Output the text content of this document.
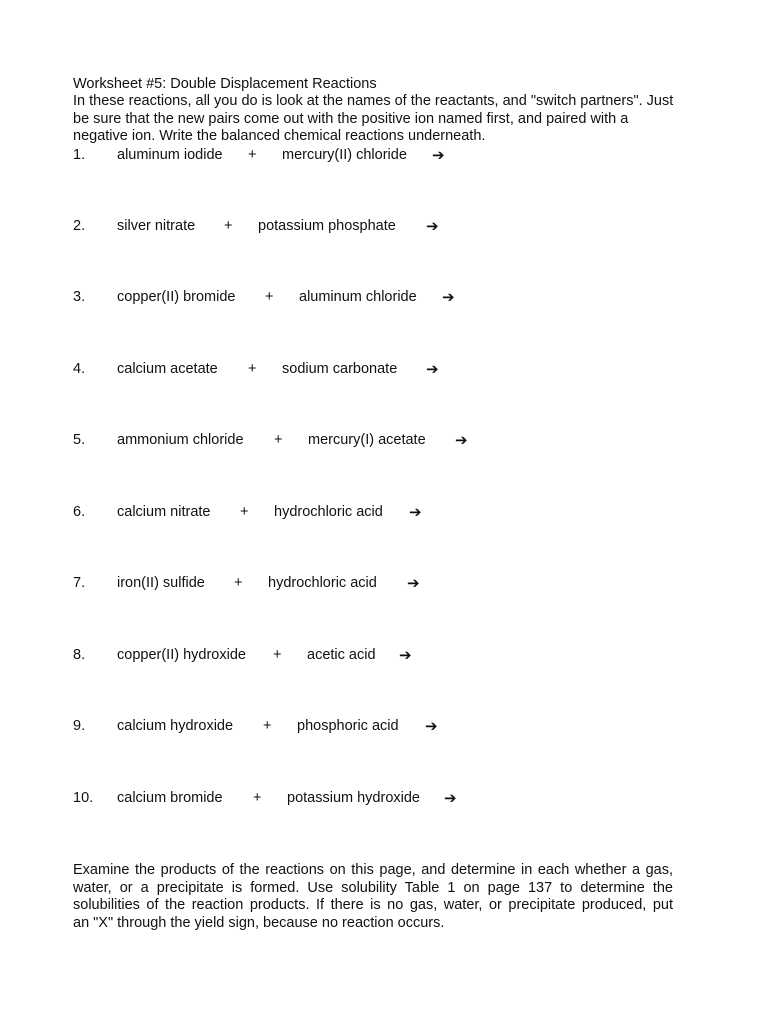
Worksheet #5: Double Displacement Reactions
In these reactions, all you do is look at the names of the reactants, and "switch partners". Just
be sure that the new pairs come out with the positive ion named first, and paired with a
negative ion. Write the balanced chemical reactions underneath.
1. aluminum iodide + mercury(II) chloride ➔
2. silver nitrate + potassium phosphate ➔
3. copper(II) bromide + aluminum chloride ➔
4. calcium acetate + sodium carbonate ➔
5. ammonium chloride + mercury(I) acetate ➔
6. calcium nitrate + hydrochloric acid ➔
7. iron(II) sulfide + hydrochloric acid ➔
8. copper(II) hydroxide + acetic acid ➔
9. calcium hydroxide + phosphoric acid ➔
10. calcium bromide + potassium hydroxide ➔
Examine the products of the reactions on this page, and determine in each whether a gas,
water, or a precipitate is formed. Use solubility Table 1 on page 137 to determine the
solubilities of the reaction products. If there is no gas, water, or precipitate produced, put
an "X" through the yield sign, because no reaction occurs.
